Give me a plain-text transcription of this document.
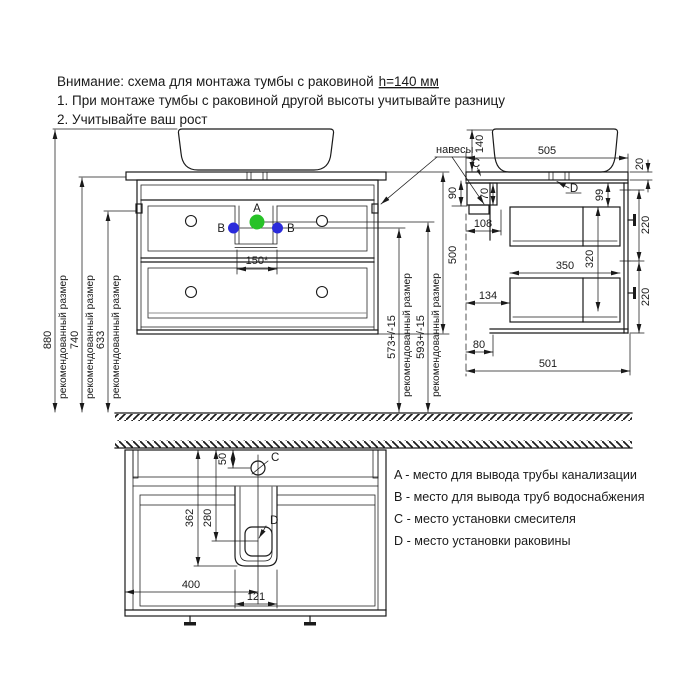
Внимание: схема для монтажа тумбы с раковиной h=140 мм
1. При монтаже тумбы с раковиной другой высоты учитывайте разницу
2. Учитывайте ваш рост
A
B	B
150*
880 рекомендованный размер 740 рекомендованный размер 633 рекомендованный размер	573+/-15 рекомендованный размер 593+/-15 рекомендованный размер
500
навесы	505
140
C	20
90 70
108
D 99
320
350
134
220
220
80
501
C
D
50
362 280
400
121
A - место для вывода трубы канализации
B - место для вывода труб водоснабжения
C - место установки смесителя
D - место установки раковины
